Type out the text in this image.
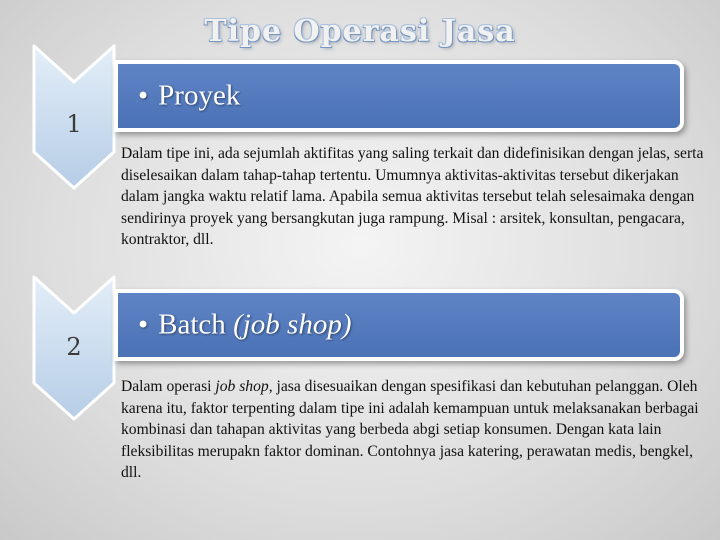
Tipe Operasi Jasa
1
• Proyek

Dalam tipe ini, ada sejumlah aktifitas yang saling terkait dan didefinisikan dengan jelas, serta diselesaikan dalam tahap-tahap tertentu. Umumnya aktivitas-aktivitas tersebut dikerjakan dalam jangka waktu relatif lama. Apabila semua aktivitas tersebut telah selesaimaka dengan sendirinya proyek yang bersangkutan juga rampung. Misal : arsitek, konsultan, pengacara, kontraktor, dll.

2
• Batch (job shop)

Dalam operasi job shop, jasa disesuaikan dengan spesifikasi dan kebutuhan pelanggan. Oleh karena itu, faktor terpenting dalam tipe ini adalah kemampuan untuk melaksanakan berbagai kombinasi dan tahapan aktivitas yang berbeda abgi setiap konsumen. Dengan kata lain fleksibilitas merupakn faktor dominan. Contohnya jasa katering, perawatan medis, bengkel, dll.
